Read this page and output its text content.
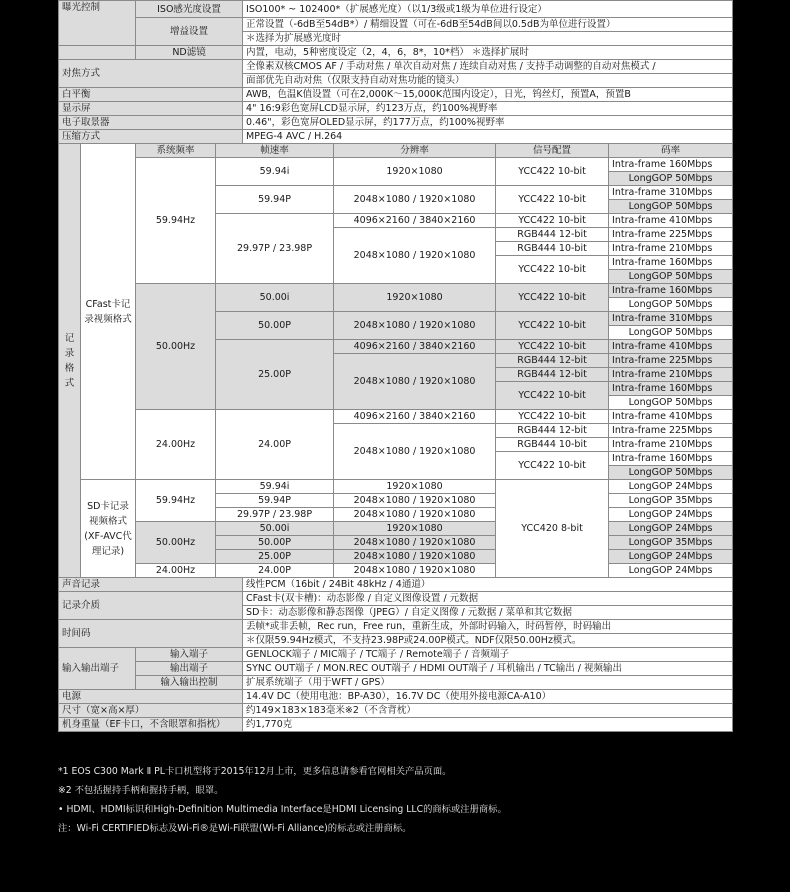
曝光控制		ISO感光度设置		ISO100* ~ 102400*（扩展感光度）（以1/3级或1级为单位进行设定）			
		增益设置		正常设置（-6dB至54dB*）/ 精细设置（可在-6dB至54dB间以0.5dB为单位进行设置）			
				＊选择为扩展感光度时			
		ND滤镜		内置，电动，5种密度设定（2，4，6，8*，10*档） ＊选择扩展时			
对焦方式				全像素双核CMOS AF / 手动对焦 / 单次自动对焦 / 连续自动对焦 / 支持手动调整的自动对焦模式 /			
				面部优先自动对焦（仅限支持自动对焦功能的镜头）			
白平衡				AWB，色温K值设置（可在2,000K～15,000K范围内设定），日光，钨丝灯，预置A，预置B			
显示屏				4" 16:9彩色宽屏LCD显示屏，约123万点，约100%视野率			
电子取景器				0.46"，彩色宽屏OLED显示屏，约177万点，约100%视野率			
压缩方式				MPEG-4 AVC / H.264			
记
录
格
式	CFast卡记录视频格式	系统频率	帧速率		分辨率	信号配置	码率
		59.94Hz	59.94i		1920×1080	YCC422 10-bit	Intra-frame 160Mbps
							LongGOP 50Mbps
			59.94P		2048×1080 / 1920×1080	YCC422 10-bit	Intra-frame 310Mbps
							LongGOP 50Mbps
			29.97P / 23.98P		4096×2160 / 3840×2160	YCC422 10-bit	Intra-frame 410Mbps
					2048×1080 / 1920×1080	RGB444 12-bit	Intra-frame 225Mbps
						RGB444 10-bit	Intra-frame 210Mbps
						YCC422 10-bit	Intra-frame 160Mbps
							LongGOP 50Mbps
		50.00Hz	50.00i		1920×1080	YCC422 10-bit	Intra-frame 160Mbps
							LongGOP 50Mbps
			50.00P		2048×1080 / 1920×1080	YCC422 10-bit	Intra-frame 310Mbps
							LongGOP 50Mbps
			25.00P		4096×2160 / 3840×2160	YCC422 10-bit	Intra-frame 410Mbps
					2048×1080 / 1920×1080	RGB444 12-bit	Intra-frame 225Mbps
						RGB444 12-bit	Intra-frame 210Mbps
						YCC422 10-bit	Intra-frame 160Mbps
							LongGOP 50Mbps
		24.00Hz	24.00P		4096×2160 / 3840×2160	YCC422 10-bit	Intra-frame 410Mbps
					2048×1080 / 1920×1080	RGB444 12-bit	Intra-frame 225Mbps
						RGB444 10-bit	Intra-frame 210Mbps
						YCC422 10-bit	Intra-frame 160Mbps
							LongGOP 50Mbps
	SD卡记录视频格式(XF-AVC代理记录)	59.94Hz	59.94i		1920×1080	YCC420 8-bit	LongGOP 24Mbps
			59.94P		2048×1080 / 1920×1080		LongGOP 35Mbps
			29.97P / 23.98P		2048×1080 / 1920×1080		LongGOP 24Mbps
		50.00Hz	50.00i		1920×1080		LongGOP 24Mbps
			50.00P		2048×1080 / 1920×1080		LongGOP 35Mbps
			25.00P		2048×1080 / 1920×1080		LongGOP 24Mbps
		24.00Hz	24.00P		2048×1080 / 1920×1080		LongGOP 24Mbps
声音记录				线性PCM（16bit / 24Bit 48kHz / 4通道）			
记录介质				CFast卡(双卡槽)：动态影像 / 自定义图像设置 / 元数据			
				SD卡：动态影像和静态图像（JPEG）/ 自定义图像 / 元数据 / 菜单和其它数据			
时间码				丢帧*或非丢帧，Rec run，Free run，重新生成，外部时码输入，时码暂停，时码输出			
				＊仅限59.94Hz模式，不支持23.98P或24.00P模式。NDF仅限50.00Hz模式。			
输入输出端子		输入端子		GENLOCK端子 / MIC端子 / TC端子 / Remote端子 / 音频端子			
		输出端子		SYNC OUT端子 / MON.REC OUT端子 / HDMI OUT端子 / 耳机输出 / TC输出 / 视频输出			
		输入输出控制		扩展系统端子（用于WFT / GPS）			
电源				14.4V DC（使用电池：BP-A30），16.7V DC（使用外接电源CA-A10）			
尺寸（宽×高×厚）				约149×183×183毫米※2（不含背枕）			
机身重量（EF卡口，不含眼罩和指枕）				约1,770克			
*1 EOS C300 Mark Ⅱ PL卡口机型将于2015年12月上市，更多信息请参看官网相关产品页面。
※2 不包括握持手柄和握持手柄，眼罩。
• HDMI、HDMI标识和High-Definition Multimedia Interface是HDMI Licensing LLC的商标或注册商标。
注：Wi-Fi CERTIFIED标志及Wi-Fi®是Wi-Fi联盟(Wi-Fi Alliance)的标志或注册商标。
